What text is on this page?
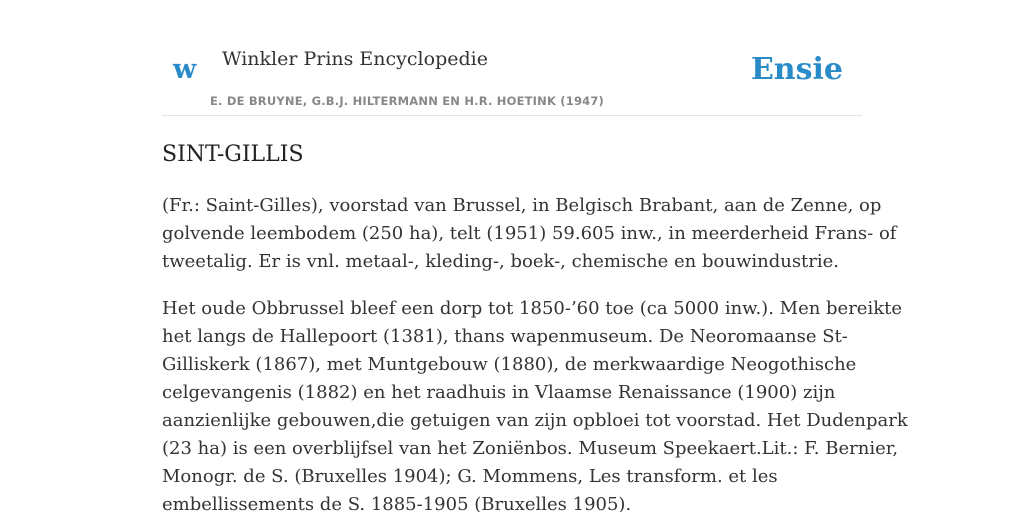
w Winkler Prins Encyclopedie
E. DE BRUYNE, G.B.J. HILTERMANN EN H.R. HOETINK (1947)
Ensie
SINT-GILLIS

(Fr.: Saint-Gilles), voorstad van Brussel, in Belgisch Brabant, aan de Zenne, op
golvende leembodem (250 ha), telt (1951) 59.605 inw., in meerderheid Frans- of
tweetalig. Er is vnl. metaal-, kleding-, boek-, chemische en bouwindustrie.

Het oude Obbrussel bleef een dorp tot 1850-’60 toe (ca 5000 inw.). Men bereikte
het langs de Hallepoort (1381), thans wapenmuseum. De Neoromaanse St-
Gilliskerk (1867), met Muntgebouw (1880), de merkwaardige Neogothische
celgevangenis (1882) en het raadhuis in Vlaamse Renaissance (1900) zijn
aanzienlijke gebouwen,die getuigen van zijn opbloei tot voorstad. Het Dudenpark
(23 ha) is een overblijfsel van het Zoniënbos. Museum Speekaert.Lit.: F. Bernier,
Monogr. de S. (Bruxelles 1904); G. Mommens, Les transform. et les
embellissements de S. 1885-1905 (Bruxelles 1905).
